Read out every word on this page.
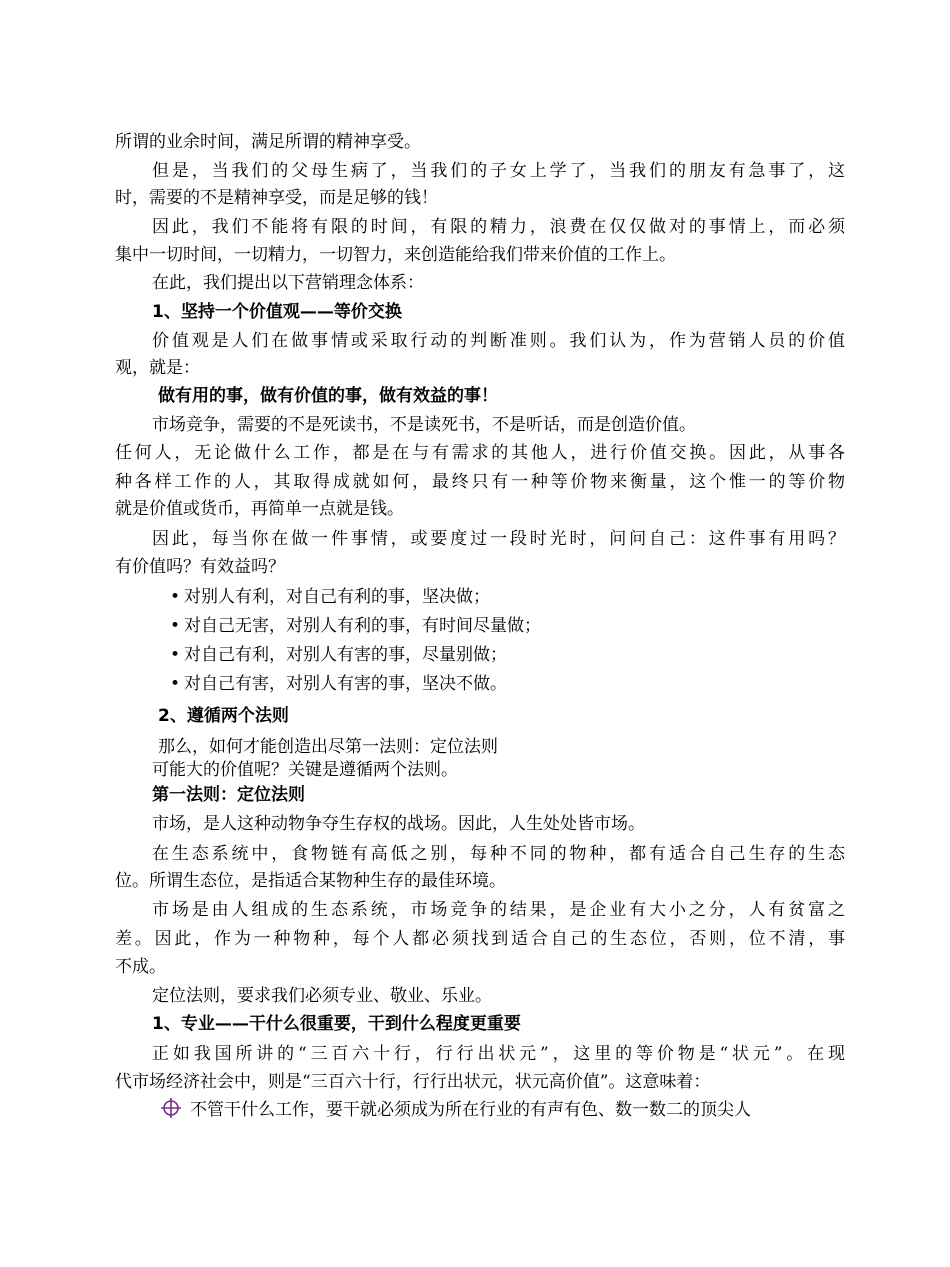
所谓的业余时间，满足所谓的精神享受。
但是，当我们的父母生病了，当我们的子女上学了，当我们的朋友有急事了，这
时，需要的不是精神享受，而是足够的钱！
因此，我们不能将有限的时间，有限的精力，浪费在仅仅做对的事情上，而必须
集中一切时间，一切精力，一切智力，来创造能给我们带来价值的工作上。
在此，我们提出以下营销理念体系：
1、坚持一个价值观——等价交换
价值观是人们在做事情或采取行动的判断准则。我们认为，作为营销人员的价值
观，就是：
做有用的事，做有价值的事，做有效益的事！
市场竞争，需要的不是死读书，不是读死书，不是听话，而是创造价值。
任何人，无论做什么工作，都是在与有需求的其他人，进行价值交换。因此，从事各
种各样工作的人，其取得成就如何，最终只有一种等价物来衡量，这个惟一的等价物
就是价值或货币，再简单一点就是钱。
因此，每当你在做一件事情，或要度过一段时光时，问问自己：这件事有用吗？
有价值吗？有效益吗？
• 对别人有利，对自己有利的事，坚决做；
• 对自己无害，对别人有利的事，有时间尽量做；
• 对自己有利，对别人有害的事，尽量别做；
• 对自己有害，对别人有害的事，坚决不做。
2、遵循两个法则
那么，如何才能创造出尽第一法则：定位法则
可能大的价值呢？关键是遵循两个法则。
第一法则：定位法则
市场，是人这种动物争夺生存权的战场。因此，人生处处皆市场。
在生态系统中，食物链有高低之别，每种不同的物种，都有适合自己生存的生态
位。所谓生态位，是指适合某物种生存的最佳环境。
市场是由人组成的生态系统，市场竞争的结果，是企业有大小之分，人有贫富之
差。因此，作为一种物种，每个人都必须找到适合自己的生态位，否则，位不清，事
不成。
定位法则，要求我们必须专业、敬业、乐业。
1、专业——干什么很重要，干到什么程度更重要
正如我国所讲的“三百六十行，行行出状元”，这里的等价物是“状元”。在现
代市场经济社会中，则是“三百六十行，行行出状元，状元高价值”。这意味着：
不管干什么工作，要干就必须成为所在行业的有声有色、数一数二的顶尖人
